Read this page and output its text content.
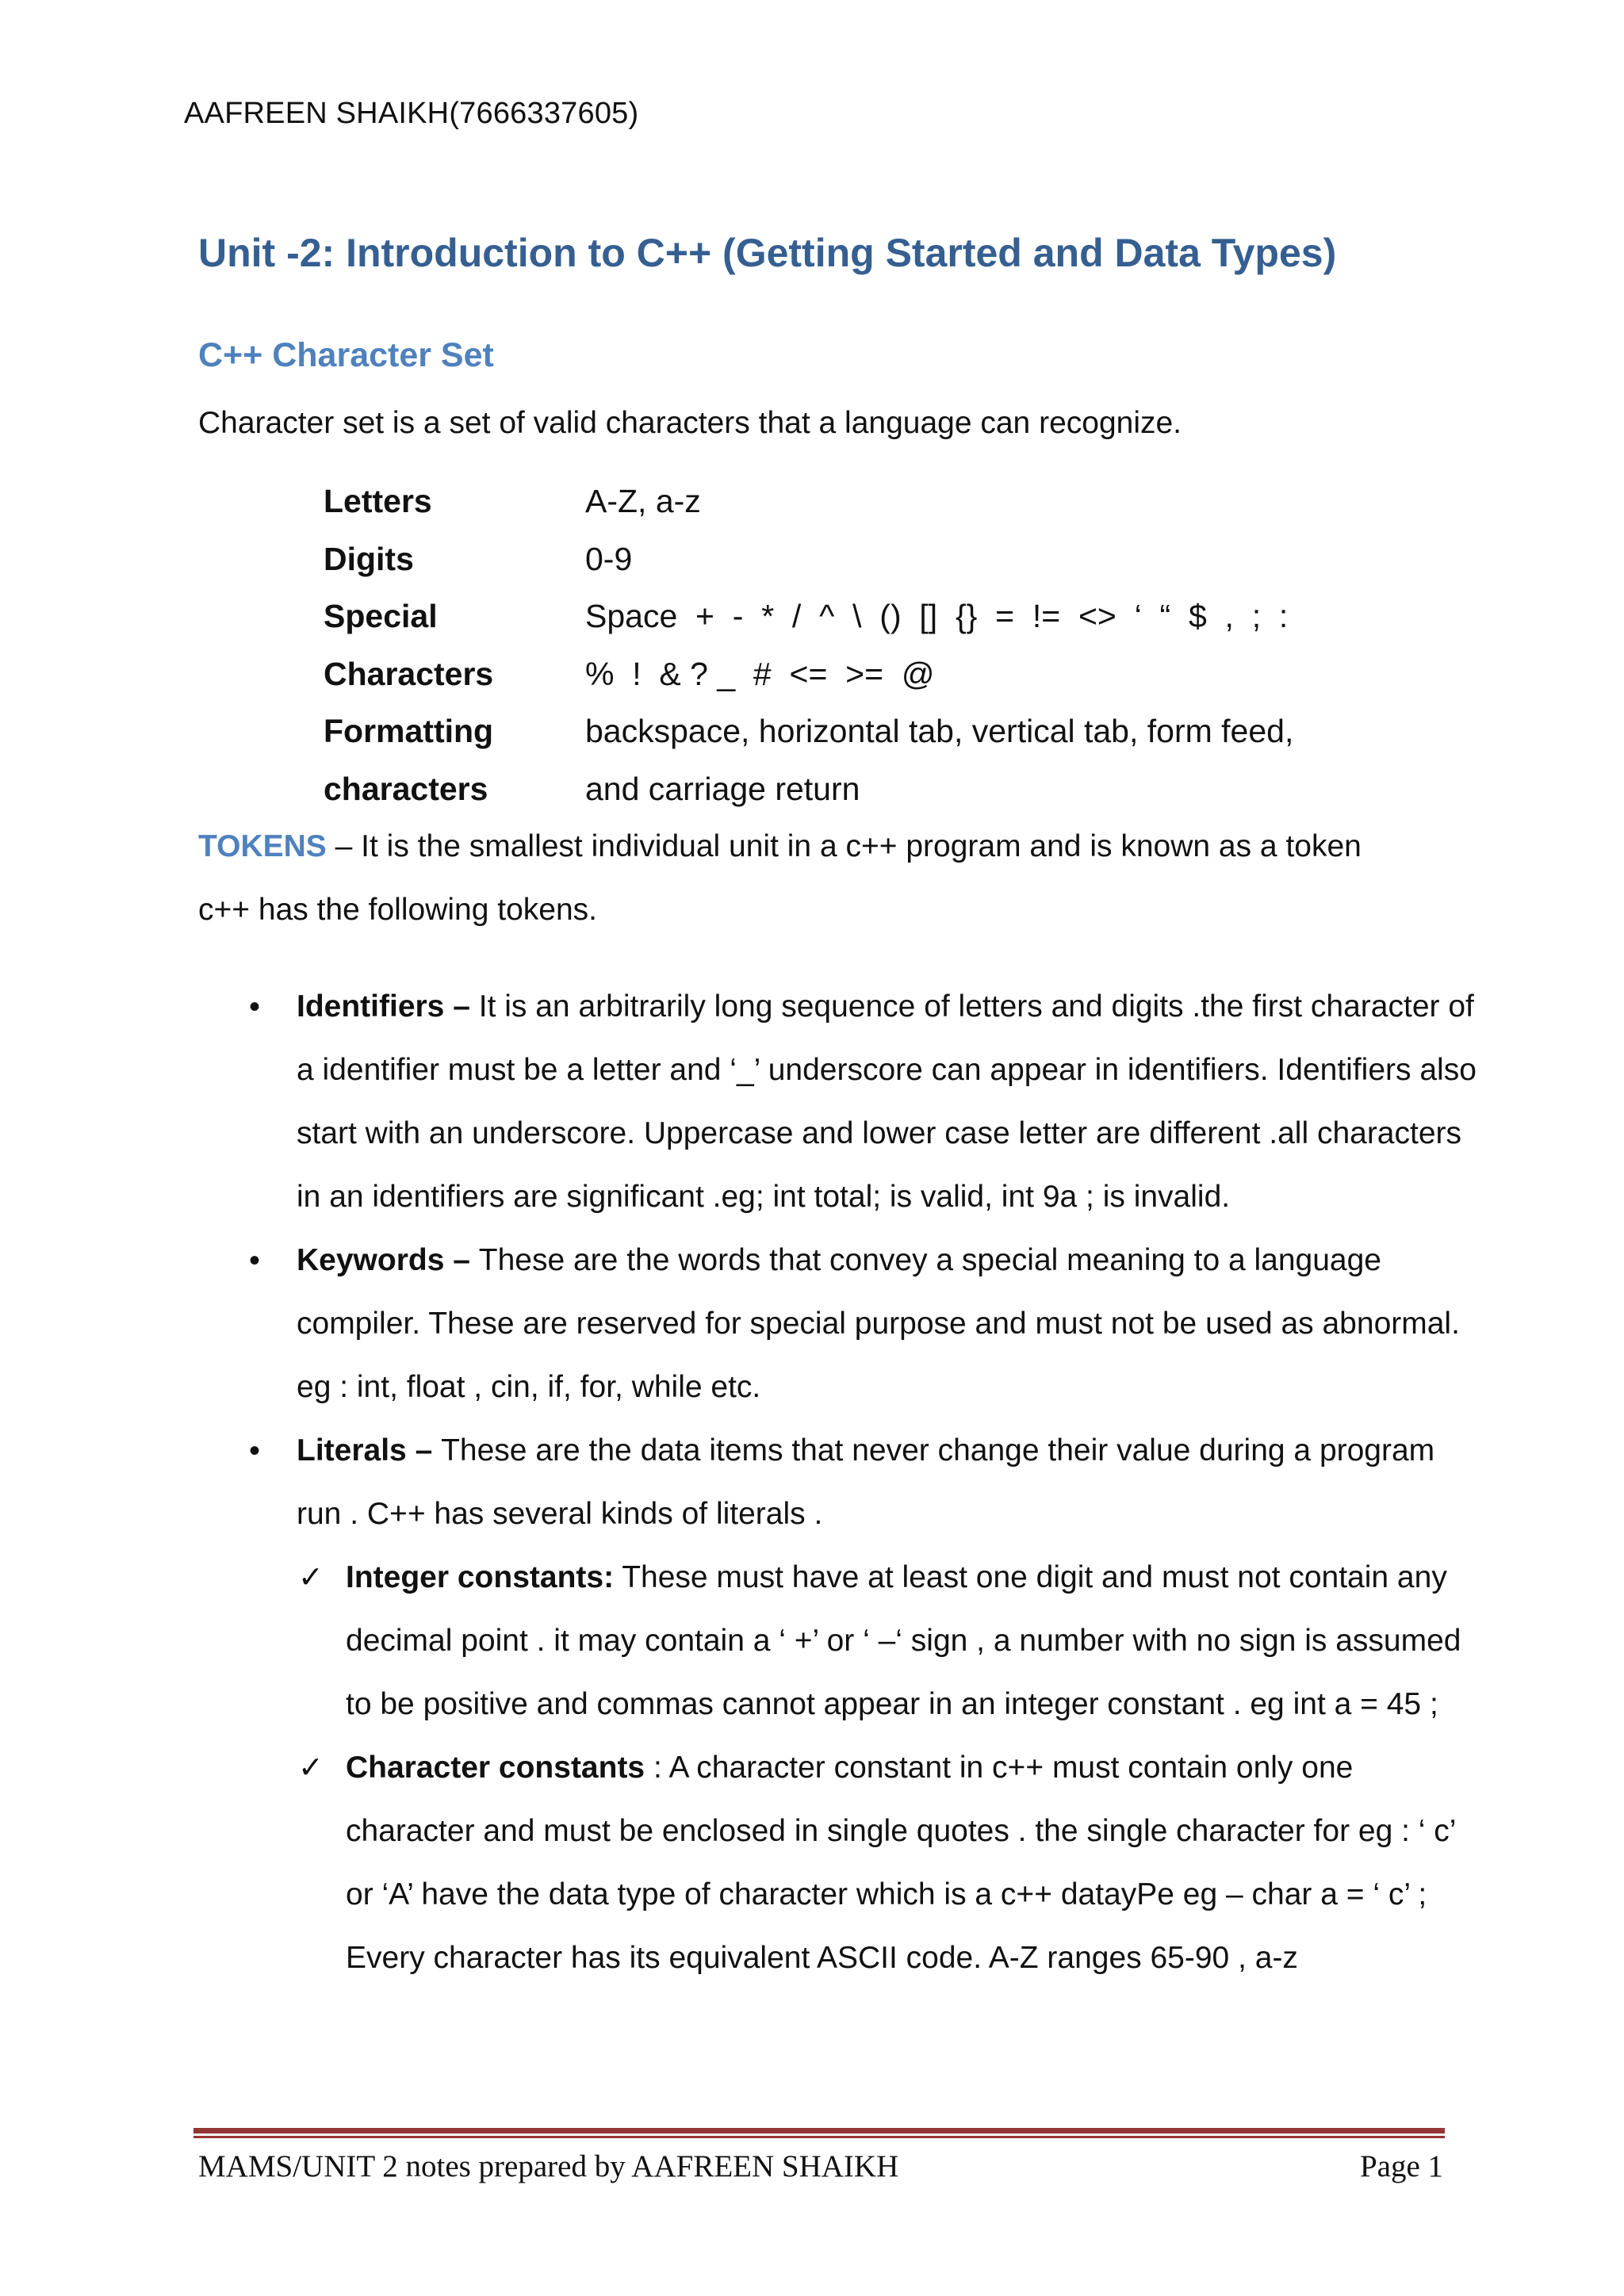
AAFREEN SHAIKH(7666337605)
Unit -2: Introduction to C++ (Getting Started and Data Types)
C++ Character Set
Character set is a set of valid characters that a language can recognize.
Letters	A-Z, a-z
Digits	0-9
Special	Space  +  -  *  /  ^  \  ()  []  {}  =  !=  <>  ‘  “  $  ,  ;  :
Characters	%  !  & ? _  #  <=  >=  @
Formatting	backspace, horizontal tab, vertical tab, form feed,
characters	and carriage return
TOKENS – It is the smallest individual unit in a c++ program and is known as a token
c++ has the following tokens.
• Identifiers – It is an arbitrarily long sequence of letters and digits .the first character of a identifier must be a letter and ‘_’ underscore can appear in identifiers. Identifiers also start with an underscore. Uppercase and lower case letter are different .all characters in an identifiers are significant .eg; int total; is valid, int 9a ; is invalid.
• Keywords – These are the words that convey a special meaning to a language compiler. These are reserved for special purpose and must not be used as abnormal. eg : int, float , cin, if, for, while etc.
• Literals – These are the data items that never change their value during a program run . C++ has several kinds of literals .
✓ Integer constants: These must have at least one digit and must not contain any decimal point . it may contain a ‘ +’ or ‘ –‘ sign , a number with no sign is assumed to be positive and commas cannot appear in an integer constant . eg int a = 45 ;
✓ Character constants : A character constant in c++ must contain only one character and must be enclosed in single quotes . the single character for eg : ‘ c’ or ‘A’ have the data type of character which is a c++ datayPe eg – char a = ‘ c’ ; Every character has its equivalent ASCII code. A-Z ranges 65-90 , a-z
MAMS/UNIT 2 notes prepared by AAFREEN SHAIKH	Page 1
